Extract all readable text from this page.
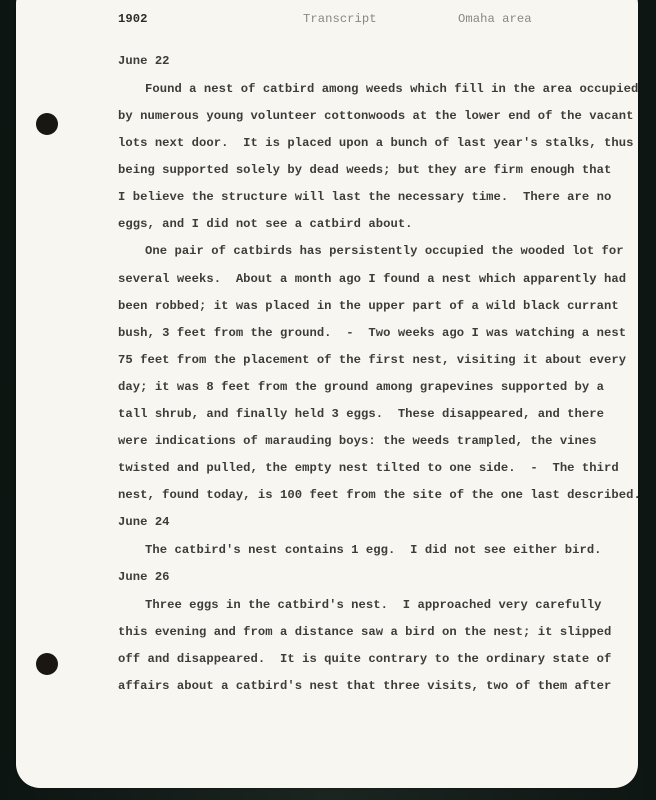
1902	Transcript	Omaha area
June 22
Found a nest of catbird among weeds which fill in the area occupied
by numerous young volunteer cottonwoods at the lower end of the vacant
lots next door.  It is placed upon a bunch of last year's stalks, thus
being supported solely by dead weeds; but they are firm enough that
I believe the structure will last the necessary time.  There are no
eggs, and I did not see a catbird about.
One pair of catbirds has persistently occupied the wooded lot for
several weeks.  About a month ago I found a nest which apparently had
been robbed; it was placed in the upper part of a wild black currant
bush, 3 feet from the ground.  -  Two weeks ago I was watching a nest
75 feet from the placement of the first nest, visiting it about every
day; it was 8 feet from the ground among grapevines supported by a
tall shrub, and finally held 3 eggs.  These disappeared, and there
were indications of marauding boys: the weeds trampled, the vines
twisted and pulled, the empty nest tilted to one side.  -  The third
nest, found today, is 100 feet from the site of the one last described.
June 24
The catbird's nest contains 1 egg.  I did not see either bird.
June 26
Three eggs in the catbird's nest.  I approached very carefully
this evening and from a distance saw a bird on the nest; it slipped
off and disappeared.  It is quite contrary to the ordinary state of
affairs about a catbird's nest that three visits, two of them after
